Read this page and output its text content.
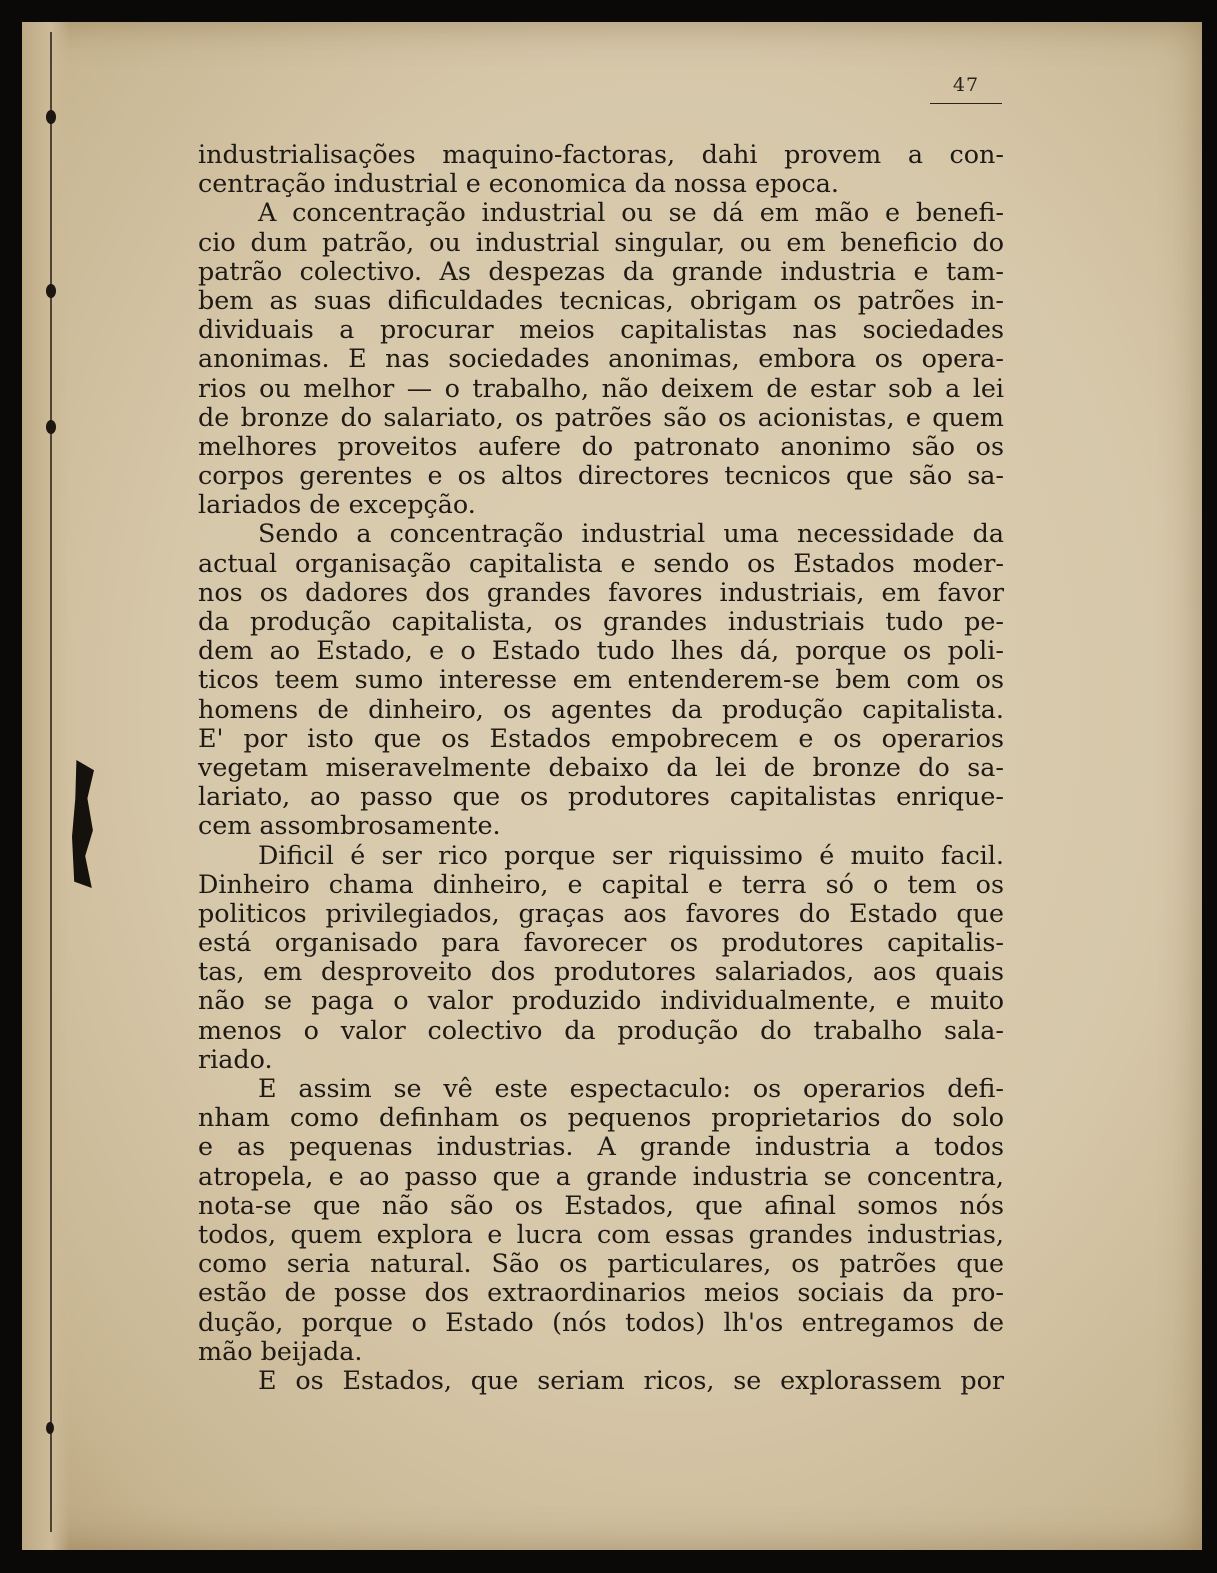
47
industrialisações maquino-factoras, dahi provem a con-
centração industrial e economica da nossa epoca.
A concentração industrial ou se dá em mão e benefi-
cio dum patrão, ou industrial singular, ou em beneficio do
patrão colectivo. As despezas da grande industria e tam-
bem as suas dificuldades tecnicas, obrigam os patrões in-
dividuais a procurar meios capitalistas nas sociedades
anonimas. E nas sociedades anonimas, embora os opera-
rios ou melhor — o trabalho, não deixem de estar sob a lei
de bronze do salariato, os patrões são os acionistas, e quem
melhores proveitos aufere do patronato anonimo são os
corpos gerentes e os altos directores tecnicos que são sa-
lariados de excepção.
Sendo a concentração industrial uma necessidade da
actual organisação capitalista e sendo os Estados moder-
nos os dadores dos grandes favores industriais, em favor
da produção capitalista, os grandes industriais tudo pe-
dem ao Estado, e o Estado tudo lhes dá, porque os poli-
ticos teem sumo interesse em entenderem-se bem com os
homens de dinheiro, os agentes da produção capitalista.
E' por isto que os Estados empobrecem e os operarios
vegetam miseravelmente debaixo da lei de bronze do sa-
lariato, ao passo que os produtores capitalistas enrique-
cem assombrosamente.
Dificil é ser rico porque ser riquissimo é muito facil.
Dinheiro chama dinheiro, e capital e terra só o tem os
politicos privilegiados, graças aos favores do Estado que
está organisado para favorecer os produtores capitalis-
tas, em desproveito dos produtores salariados, aos quais
não se paga o valor produzido individualmente, e muito
menos o valor colectivo da produção do trabalho sala-
riado.
E assim se vê este espectaculo: os operarios defi-
nham como definham os pequenos proprietarios do solo
e as pequenas industrias. A grande industria a todos
atropela, e ao passo que a grande industria se concentra,
nota-se que não são os Estados, que afinal somos nós
todos, quem explora e lucra com essas grandes industrias,
como seria natural. São os particulares, os patrões que
estão de posse dos extraordinarios meios sociais da pro-
dução, porque o Estado (nós todos) lh'os entregamos de
mão beijada.
E os Estados, que seriam ricos, se explorassem por
